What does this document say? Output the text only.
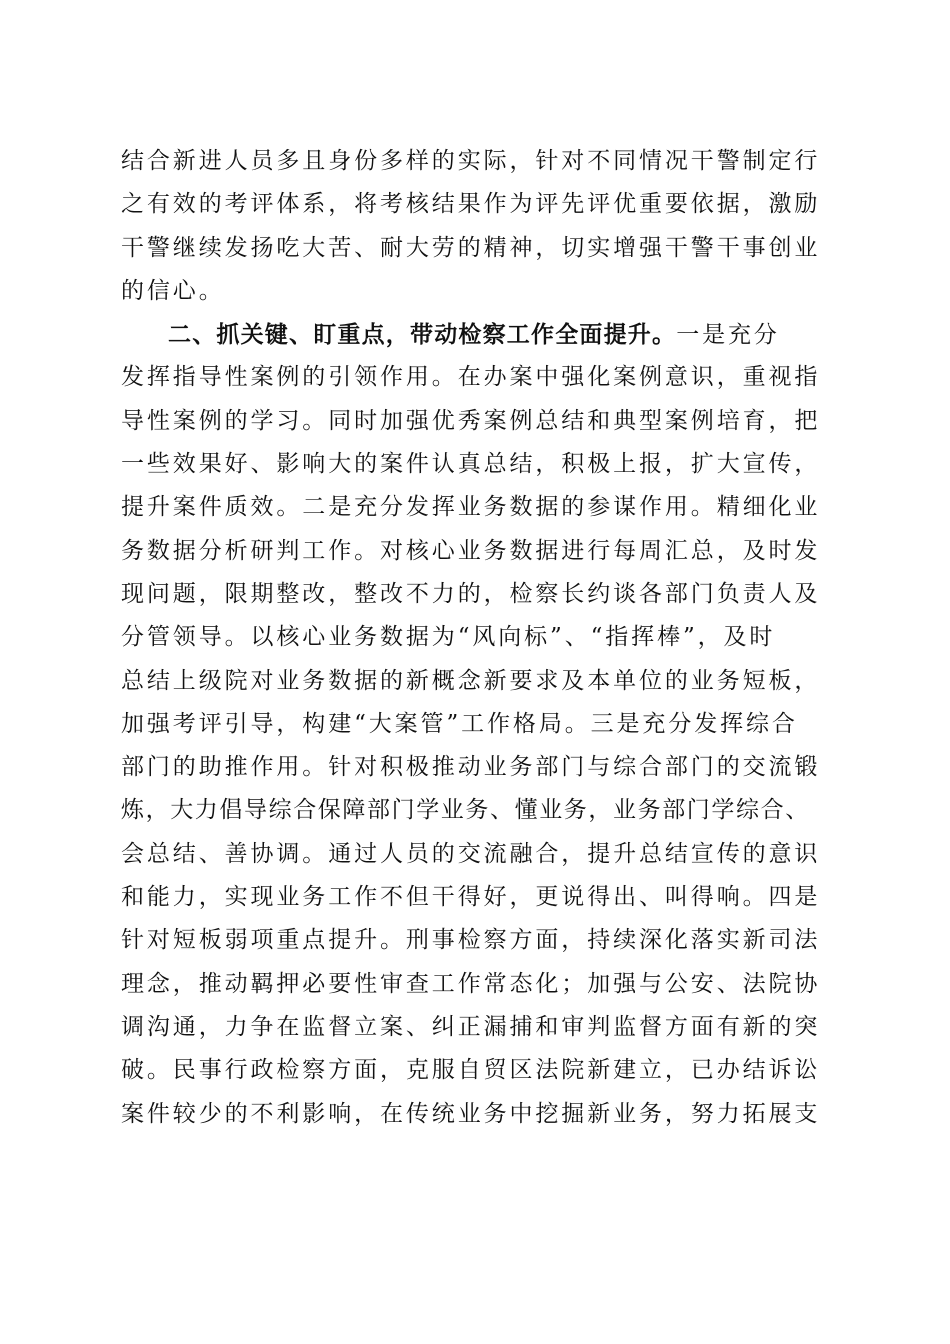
结合新进人员多且身份多样的实际，针对不同情况干警制定行
之有效的考评体系，将考核结果作为评先评优重要依据，激励
干警继续发扬吃大苦、耐大劳的精神，切实增强干警干事创业
的信心。
二、抓关键、盯重点，带动检察工作全面提升。一是充分
发挥指导性案例的引领作用。在办案中强化案例意识，重视指
导性案例的学习。同时加强优秀案例总结和典型案例培育，把
一些效果好、影响大的案件认真总结，积极上报，扩大宣传，
提升案件质效。二是充分发挥业务数据的参谋作用。精细化业
务数据分析研判工作。对核心业务数据进行每周汇总，及时发
现问题，限期整改，整改不力的，检察长约谈各部门负责人及
分管领导。以核心业务数据为“风向标”、“指挥棒”，及时
总结上级院对业务数据的新概念新要求及本单位的业务短板，
加强考评引导，构建“大案管”工作格局。三是充分发挥综合
部门的助推作用。针对积极推动业务部门与综合部门的交流锻
炼，大力倡导综合保障部门学业务、懂业务，业务部门学综合、
会总结、善协调。通过人员的交流融合，提升总结宣传的意识
和能力，实现业务工作不但干得好，更说得出、叫得响。四是
针对短板弱项重点提升。刑事检察方面，持续深化落实新司法
理念，推动羁押必要性审查工作常态化；加强与公安、法院协
调沟通，力争在监督立案、纠正漏捕和审判监督方面有新的突
破。民事行政检察方面，克服自贸区法院新建立，已办结诉讼
案件较少的不利影响，在传统业务中挖掘新业务，努力拓展支
